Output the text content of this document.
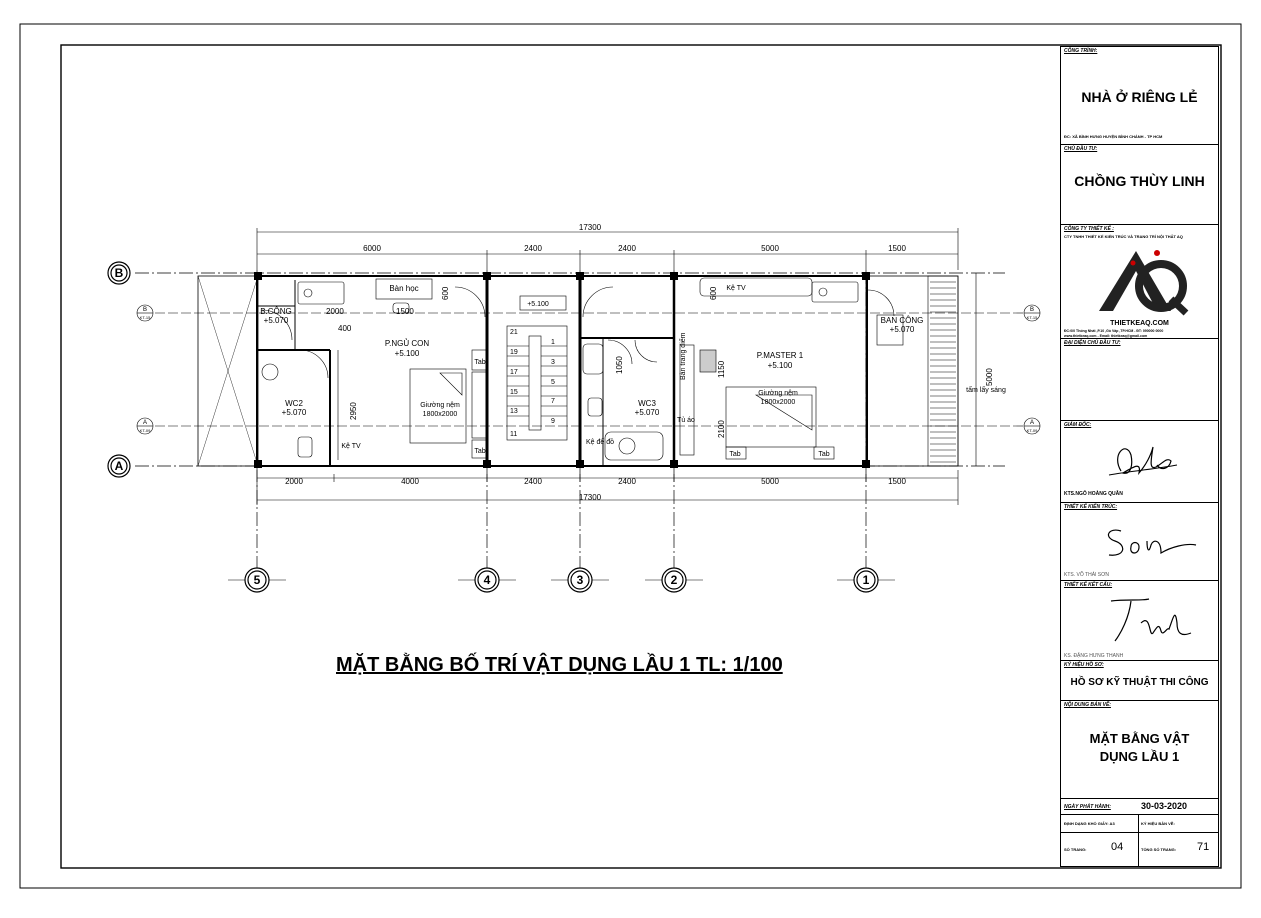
17300
6000	2400	2400	5000	1500
2000	4000	2400	2400	5000	1500
17300
21
19
17
15
13
11
1
3
5
7
9
B.CÔNG
+5.070
Bàn học
P.NGỦ CON
+5.100
Giường nệm
1800x2000
Tab
Tab
Kệ TV
WC2
+5.070
+5.100
WC3
+5.070
Kệ để đồ
Tủ áo
P.MASTER 1
+5.100
Giường nệm
1800x2000
Tab	Tab
Kệ TV
BAN CÔNG
+5.070
tấm lấy sáng
Bàn trang điểm
2000
400
1500
600	600
1050	1150
2100
2950
5000
B
A
5	4	3	2	1
B
KT-15
A
KT-09
B
KT-15
A
KT-09
MẶT BẰNG BỐ TRÍ VẬT DỤNG LẦU 1 TL: 1/100
CÔNG TRÌNH:
NHÀ Ở RIÊNG LẺ
ĐC: XÃ BÌNH HƯNG HUYỆN BÌNH CHÁNH - TP HCM
CHỦ ĐẦU TƯ:
CHỒNG THÙY LINH
CÔNG TY THIẾT KẾ :
CTY TNHH THIẾT KẾ KIẾN TRÚC VÀ TRANG TRÍ NỘI THẤT AQ
THIETKEAQ.COM
ĐC:0/0 Thống Nhất ,P.10 ,Gò Vấp ,TP.HCM - ĐT: 090000 0000
www.thietkeaq.com - Email: thietkeaq@gmail.com
ĐẠI DIỆN CHỦ ĐẦU TƯ:
GIÁM ĐỐC:
KTS.NGÔ HOÀNG QUÂN
THIẾT KẾ KIẾN TRÚC:
KTS. VÕ THÁI SƠN
THIẾT KẾ KẾT CẤU:
KS. ĐẶNG HƯNG THANH
KÝ HIỆU HỒ SƠ:
HỒ SƠ KỸ THUẬT THI CÔNG
NỘI DUNG BẢN VẼ:
MẶT BẰNG VẬT
DỤNG LẦU 1
NGÀY PHÁT HÀNH:	30-03-2020
ĐỊNH DẠNG KHỔ GIẤY: A3	KÝ HIỆU BẢN VẼ:
SỐ TRANG: 04	TỔNG SỐ TRANG: 71
